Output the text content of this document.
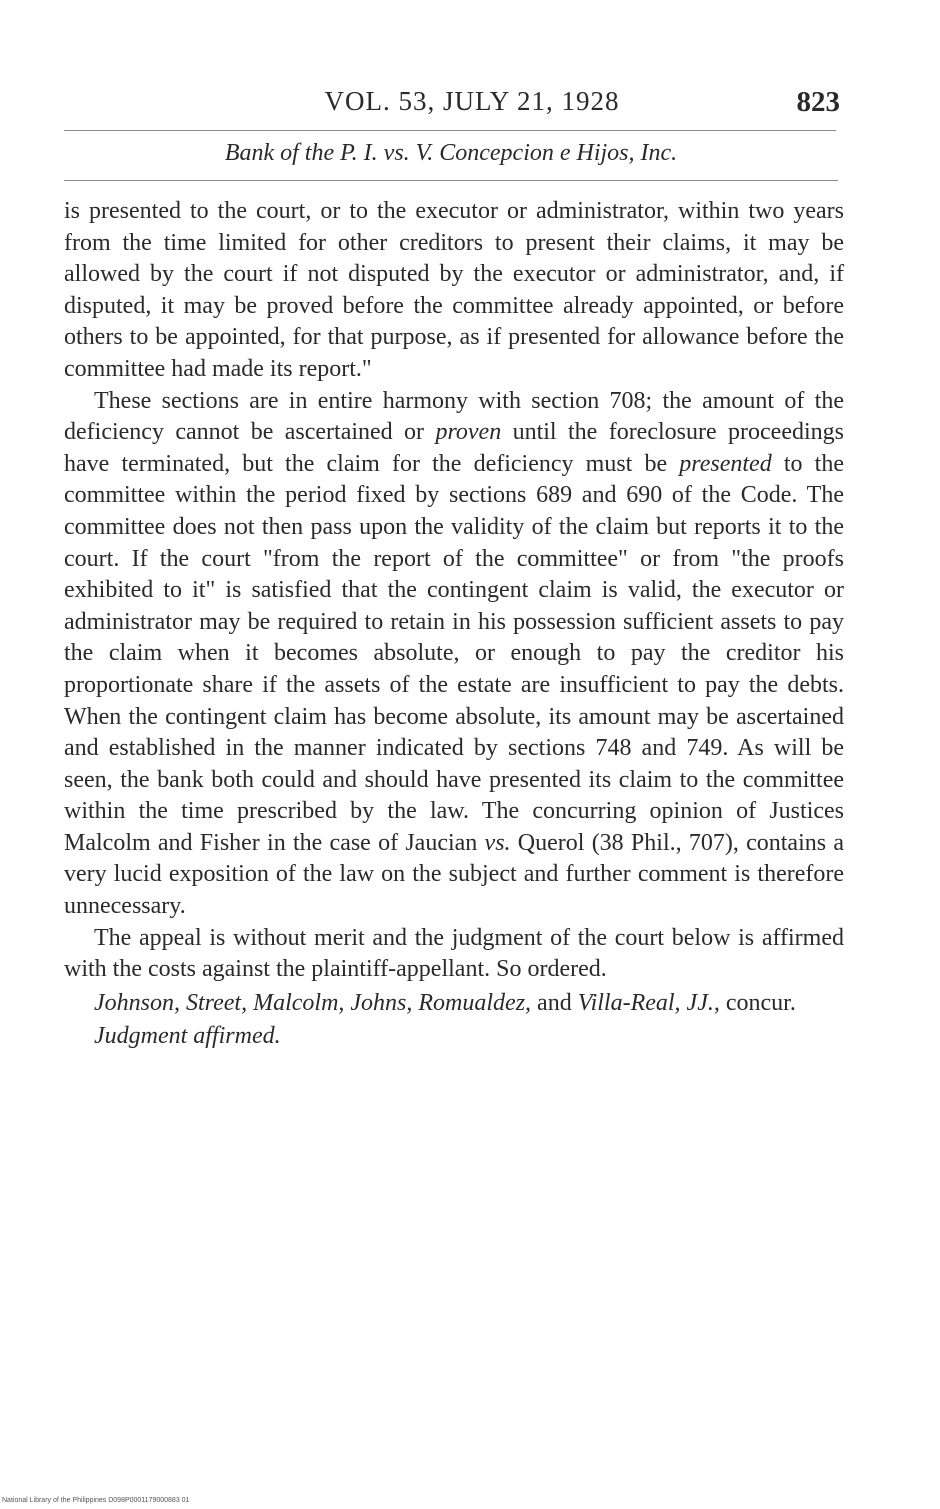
VOL. 53, JULY 21, 1928	823
Bank of the P. I. vs. V. Concepcion e Hijos, Inc.

is presented to the court, or to the executor or administrator, within two years from the time limited for other creditors to present their claims, it may be allowed by the court if not disputed by the executor or administrator, and, if disputed, it may be proved before the committee already appointed, or before others to be appointed, for that purpose, as if presented for allowance before the committee had made its report."

These sections are in entire harmony with section 708; the amount of the deficiency cannot be ascertained or proven until the foreclosure proceedings have terminated, but the claim for the deficiency must be presented to the committee within the period fixed by sections 689 and 690 of the Code. The committee does not then pass upon the validity of the claim but reports it to the court. If the court "from the report of the committee" or from "the proofs exhibited to it" is satisfied that the contingent claim is valid, the executor or administrator may be required to retain in his possession sufficient assets to pay the claim when it becomes absolute, or enough to pay the creditor his proportionate share if the assets of the estate are insufficient to pay the debts. When the contingent claim has become absolute, its amount may be ascertained and established in the manner indicated by sections 748 and 749. As will be seen, the bank both could and should have presented its claim to the committee within the time prescribed by the law. The concurring opinion of Justices Malcolm and Fisher in the case of Jaucian vs. Querol (38 Phil., 707), contains a very lucid exposition of the law on the subject and further comment is therefore unnecessary.

The appeal is without merit and the judgment of the court below is affirmed with the costs against the plaintiff-appellant. So ordered.

Johnson, Street, Malcolm, Johns, Romualdez, and Villa-Real, JJ., concur.

Judgment affirmed.

National Library of the Philippines D098P0001179000883 01
